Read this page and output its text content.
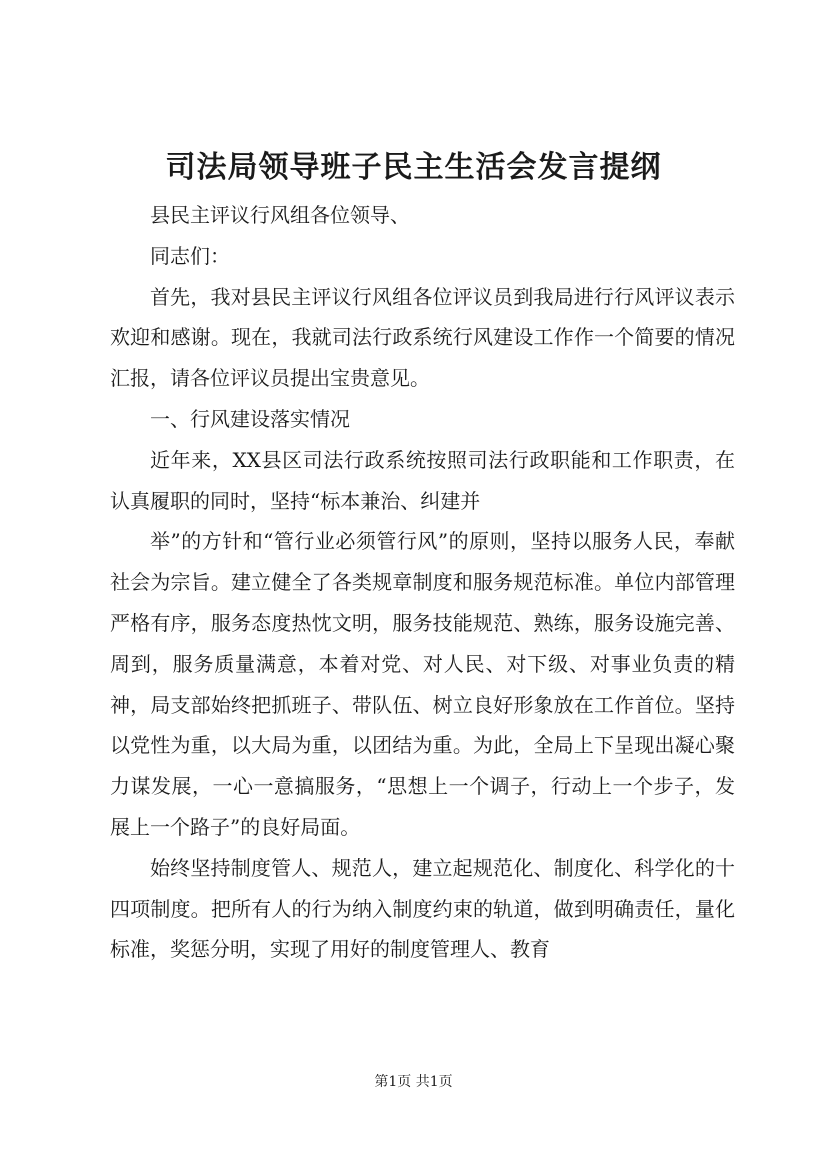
司法局领导班子民主生活会发言提纲

县民主评议行风组各位领导、

同志们：

首先，我对县民主评议行风组各位评议员到我局进行行风评议表示欢迎和感谢。现在，我就司法行政系统行风建设工作作一个简要的情况汇报，请各位评议员提出宝贵意见。

一、行风建设落实情况

近年来，XX县区司法行政系统按照司法行政职能和工作职责，在认真履职的同时，坚持“标本兼治、纠建并

举”的方针和“管行业必须管行风”的原则，坚持以服务人民，奉献社会为宗旨。建立健全了各类规章制度和服务规范标准。单位内部管理严格有序，服务态度热忱文明，服务技能规范、熟练，服务设施完善、周到，服务质量满意，本着对党、对人民、对下级、对事业负责的精神，局支部始终把抓班子、带队伍、树立良好形象放在工作首位。坚持以党性为重，以大局为重，以团结为重。为此，全局上下呈现出凝心聚力谋发展，一心一意搞服务，“思想上一个调子，行动上一个步子，发展上一个路子”的良好局面。

始终坚持制度管人、规范人，建立起规范化、制度化、科学化的十四项制度。把所有人的行为纳入制度约束的轨道，做到明确责任，量化标准，奖惩分明，实现了用好的制度管理人、教育

第1页 共1页
